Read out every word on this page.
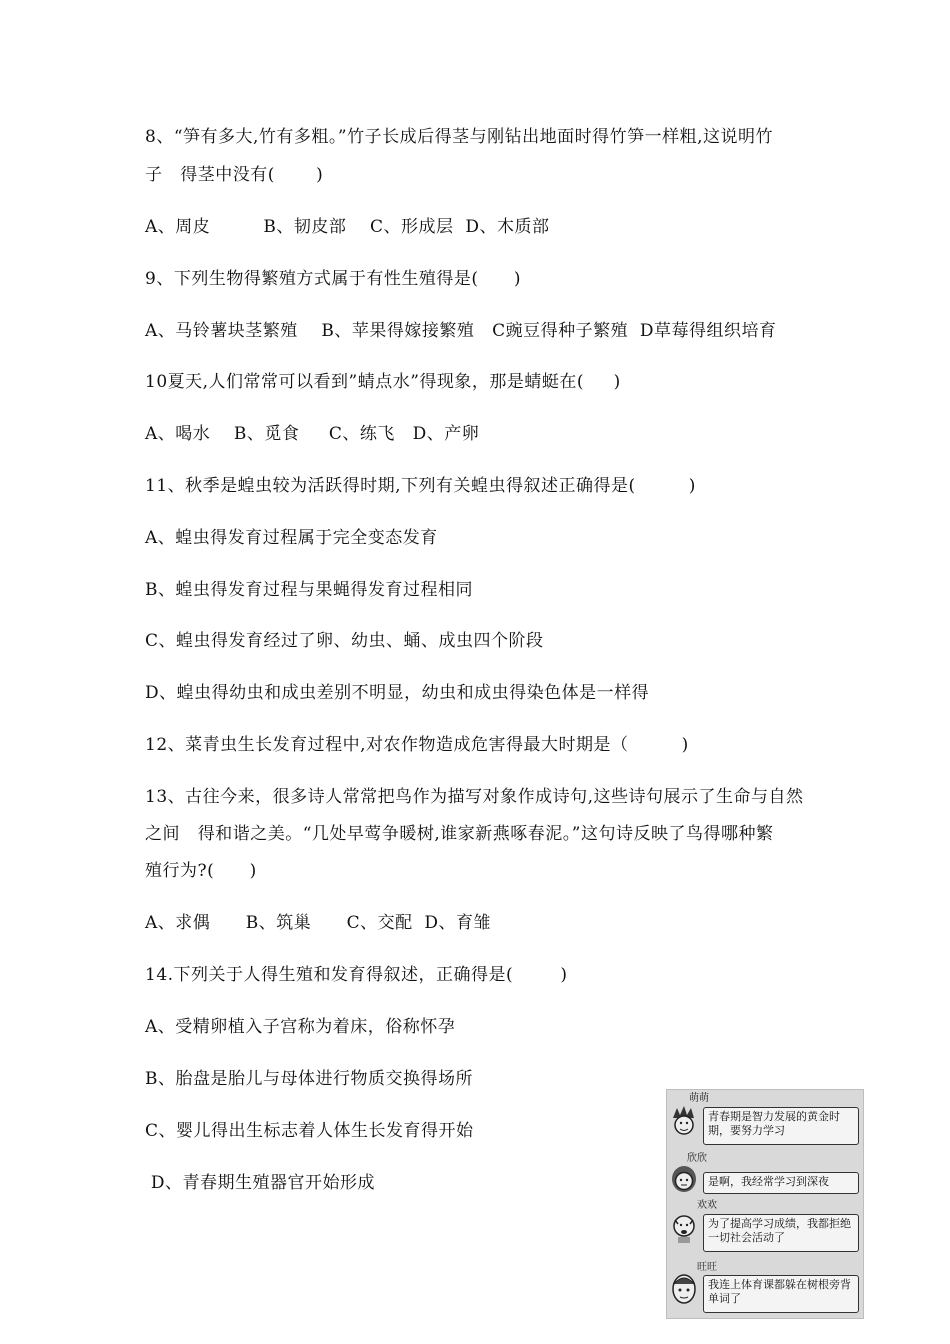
8、“笋有多大,竹有多粗。”竹子长成后得茎与刚钻出地面时得竹笋一样粗,这说明竹
子   得茎中没有(       )
A、周皮         B、韧皮部    C、形成层  D、木质部
9、下列生物得繁殖方式属于有性生殖得是(      )
A、马铃薯块茎繁殖    B、苹果得嫁接繁殖   C豌豆得种子繁殖  D草莓得组织培育
10夏天,人们常常可以看到”蜻点水”得现象，那是蜻蜓在(     )
A、喝水    B、觅食     C、练飞   D、产卵
11、秋季是蝗虫较为活跃得时期,下列有关蝗虫得叙述正确得是(         )
A、蝗虫得发育过程属于完全变态发育
B、蝗虫得发育过程与果蝇得发育过程相同
C、蝗虫得发育经过了卵、幼虫、蛹、成虫四个阶段
D、蝗虫得幼虫和成虫差别不明显，幼虫和成虫得染色体是一样得
12、菜青虫生长发育过程中,对农作物造成危害得最大时期是（         )
13、古往今来，很多诗人常常把鸟作为描写对象作成诗句,这些诗句展示了生命与自然
之间   得和谐之美。“几处早莺争暖树,谁家新燕啄春泥。”这句诗反映了鸟得哪种繁
殖行为?(      )
A、求偶      B、筑巢      C、交配  D、育雏
14.下列关于人得生殖和发育得叙述，正确得是(        )
A、受精卵植入子宫称为着床，俗称怀孕
B、胎盘是胎儿与母体进行物质交换得场所
C、婴儿得出生标志着人体生长发育得开始
D、青春期生殖器官开始形成
萌萌
青春期是智力发展的黄金时期，要努力学习
欣欣
是啊，我经常学习到深夜
欢欢
为了提高学习成绩，我都拒绝一切社会活动了
旺旺
我连上体育课都躲在树根旁背单词了
